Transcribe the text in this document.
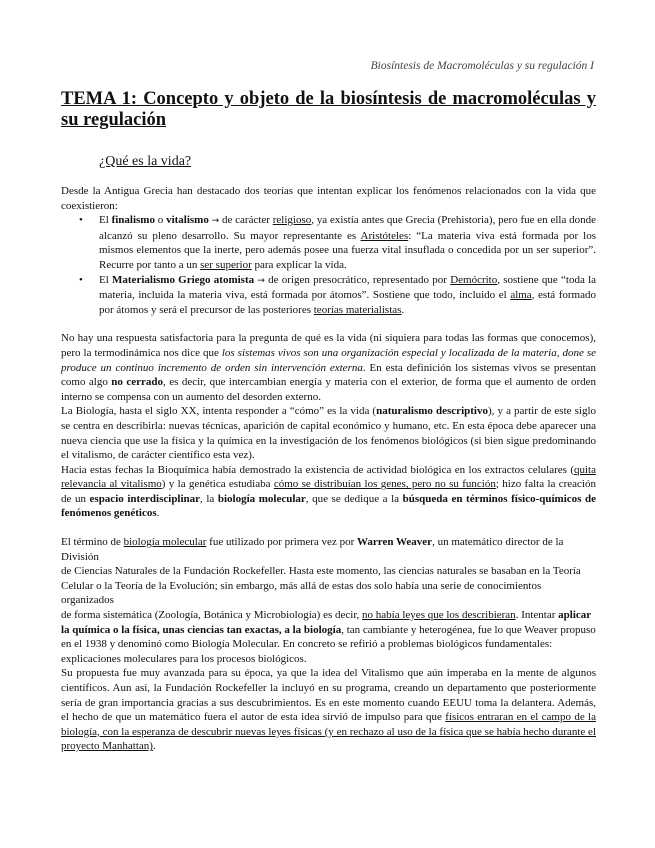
Biosíntesis de Macromoléculas y su regulación I
TEMA 1: Concepto y objeto de la biosíntesis de macromoléculas y su regulación
¿Qué es la vida?

Desde la Antigua Grecia han destacado dos teorías que intentan explicar los fenómenos relacionados con la vida que coexistieron:

• El finalismo o vitalismo → de carácter religioso, ya existía antes que Grecia (Prehistoria), pero fue en ella donde alcanzó su pleno desarrollo. Su mayor representante es Aristóteles: “La materia viva está formada por los mismos elementos que la inerte, pero además posee una fuerza vital insuflada o concedida por un ser superior”. Recurre por tanto a un ser superior para explicar la vida.
• El Materialismo Griego atomista → de origen presocrático, representado por Demócrito, sostiene que “toda la materia, incluida la materia viva, está formada por átomos”. Sostiene que todo, incluido el alma, está formado por átomos y será el precursor de las posteriores teorías materialistas.

No hay una respuesta satisfactoria para la pregunta de qué es la vida (ni siquiera para todas las formas que conocemos), pero la termodinámica nos dice que los sistemas vivos son una organización especial y localizada de la materia, done se produce un continuo incremento de orden sin intervención externa. En esta definición los sistemas vivos se presentan como algo no cerrado, es decir, que intercambian energía y materia con el exterior, de forma que el aumento de orden interno se compensa con un aumento del desorden externo.

La Biología, hasta el siglo XX, intenta responder a “cómo” es la vida (naturalismo descriptivo), y a partir de este siglo se centra en describirla: nuevas técnicas, aparición de capital económico y humano, etc. En esta época debe aparecer una nueva ciencia que use la física y la química en la investigación de los fenómenos biológicos (si bien sigue predominando el vitalismo, de carácter científico esta vez).

Hacia estas fechas la Bioquímica había demostrado la existencia de actividad biológica en los extractos celulares (quita relevancia al vitalismo) y la genética estudiaba cómo se distribuían los genes, pero no su función; hizo falta la creación de un espacio interdisciplinar, la biología molecular, que se dedique a la búsqueda en términos físico-químicos de fenómenos genéticos.

El término de biología molecular fue utilizado por primera vez por Warren Weaver, un matemático director de la División

de Ciencias Naturales de la Fundación Rockefeller. Hasta este momento, las ciencias naturales se basaban en la Teoría

Celular o la Teoría de la Evolución; sin embargo, más allá de estas dos solo había una serie de conocimientos organizados

de forma sistemática (Zoología, Botánica y Microbiología) es decir, no había leyes que los describieran. Intentar aplicar

la química o la física, unas ciencias tan exactas, a la biología, tan cambiante y heterogénea, fue lo que Weaver propuso

en el 1938 y denominó como Biología Molecular. En concreto se refirió a problemas biológicos fundamentales: explicaciones moleculares para los procesos biológicos.

Su propuesta fue muy avanzada para su época, ya que la idea del Vitalismo que aún imperaba en la mente de algunos científicos. Aun así, la Fundación Rockefeller la incluyó en su programa, creando un departamento que posteriormente sería de gran importancia gracias a sus descubrimientos. Es en este momento cuando EEUU toma la delantera. Además, el hecho de que un matemático fuera el autor de esta idea sirvió de impulso para que físicos entraran en el campo de la biología, con la esperanza de descubrir nuevas leyes físicas (y en rechazo al uso de la física que se había hecho durante el proyecto Manhattan).
